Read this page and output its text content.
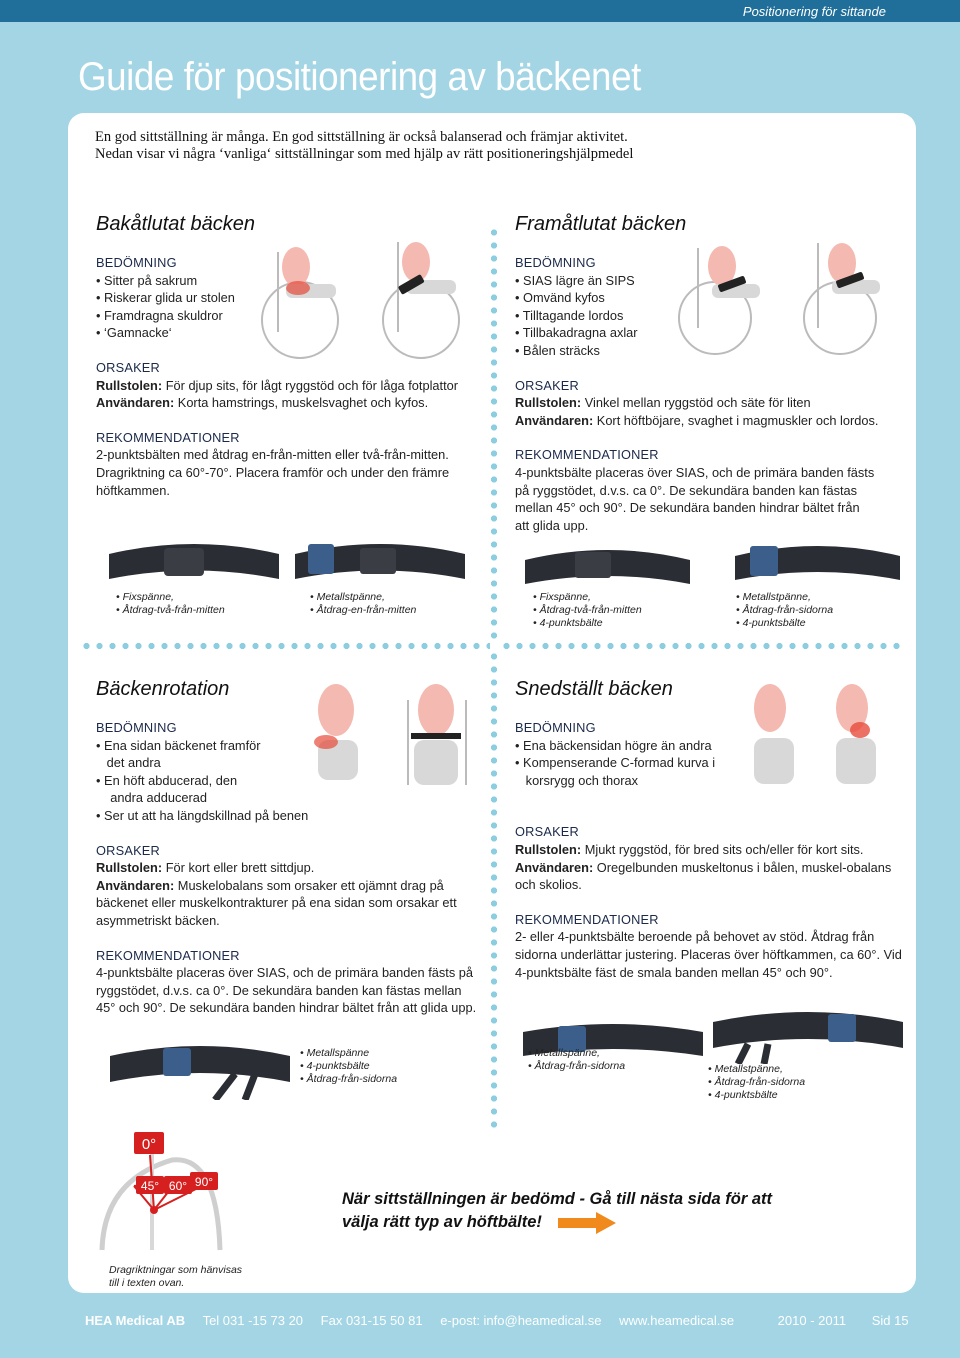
Positionering för sittande
Guide för positionering av bäckenet
En god sittställning är många. En god sittställning är också balanserad och främjar aktivitet.
Nedan visar vi några ‘vanliga‘ sittställningar som med hjälp av rätt positioneringshjälpmedel
Bakåtlutat bäcken
BEDÖMNING
• Sitter på sakrum
• Riskerar glida ur stolen
• Framdragna skuldror
• ‘Gamnacke‘
ORSAKER
Rullstolen: För djup sits, för lågt ryggstöd och för låga fotplattor
Användaren: Korta hamstrings, muskelsvaghet och kyfos.
REKOMMENDATIONER
2-punktsbälten med åtdrag en-från-mitten eller två-från-mitten.
Dragriktning ca 60°-70°. Placera framför och under den främre
höftkammen.
• Fixspänne,
• Åtdrag-två-från-mitten
• Metallstpänne,
• Åtdrag-en-från-mitten
Framåtlutat bäcken
BEDÖMNING
• SIAS lägre än SIPS
• Omvänd kyfos
• Tilltagande lordos
• Tillbakadragna axlar
• Bålen sträcks
ORSAKER
Rullstolen: Vinkel mellan ryggstöd och säte för liten
Användaren: Kort höftböjare, svaghet i magmuskler och lordos.
REKOMMENDATIONER
4-punktsbälte placeras över SIAS, och de primära banden fästs
på ryggstödet, d.v.s. ca 0°. De sekundära banden kan fästas
mellan 45° och 90°. De sekundära banden hindrar bältet från
att glida upp.
• Fixspänne,
• Åtdrag-två-från-mitten
• 4-punktsbälte
• Metallstpänne,
• Åtdrag-från-sidorna
• 4-punktsbälte
Bäckenrotation
BEDÖMNING
• Ena sidan bäckenet framför
det andra
• En höft abducerad, den
andra adducerad
• Ser ut att ha längdskillnad på benen
ORSAKER
Rullstolen: För kort eller brett sittdjup.
Användaren: Muskelobalans som orsaker ett ojämnt drag på
bäckenet eller muskelkontrakturer på ena sidan som orsakar ett
asymmetriskt bäcken.
REKOMMENDATIONER
4-punktsbälte placeras över SIAS, och de primära banden fästs på
ryggstödet, d.v.s. ca 0°. De sekundära banden kan fästas mellan
45° och 90°. De sekundära banden hindrar bältet från att glida upp.
• Metallspänne
• 4-punktsbälte
• Åtdrag-från-sidorna
Snedställt bäcken
BEDÖMNING
• Ena bäckensidan högre än andra
• Kompenserande C-formad kurva i
korsrygg och thorax
ORSAKER
Rullstolen: Mjukt ryggstöd, för bred sits och/eller för kort sits.
Användaren: Oregelbunden muskeltonus i bålen, muskel-obalans
och skolios.
REKOMMENDATIONER
2- eller 4-punktsbälte beroende på behovet av stöd. Åtdrag från
sidorna underlättar justering. Placeras över höftkammen, ca 60°. Vid
4-punktsbälte fäst de smala banden mellan 45° och 90°.
• Metallspänne,
• Åtdrag-från-sidorna	• Metallstpänne,
• Åtdrag-från-sidorna
• 4-punktsbälte
0°
45° 60° 90°
Dragriktningar som hänvisas
till i texten ovan.
När sittställningen är bedömd - Gå till nästa sida för att
välja rätt typ av höftbälte!
HEA Medical AB Tel 031 -15 73 20 Fax 031-15 50 81 e-post: info@heamedical.se www.heamedical.se	2010 - 2011 Sid 15
